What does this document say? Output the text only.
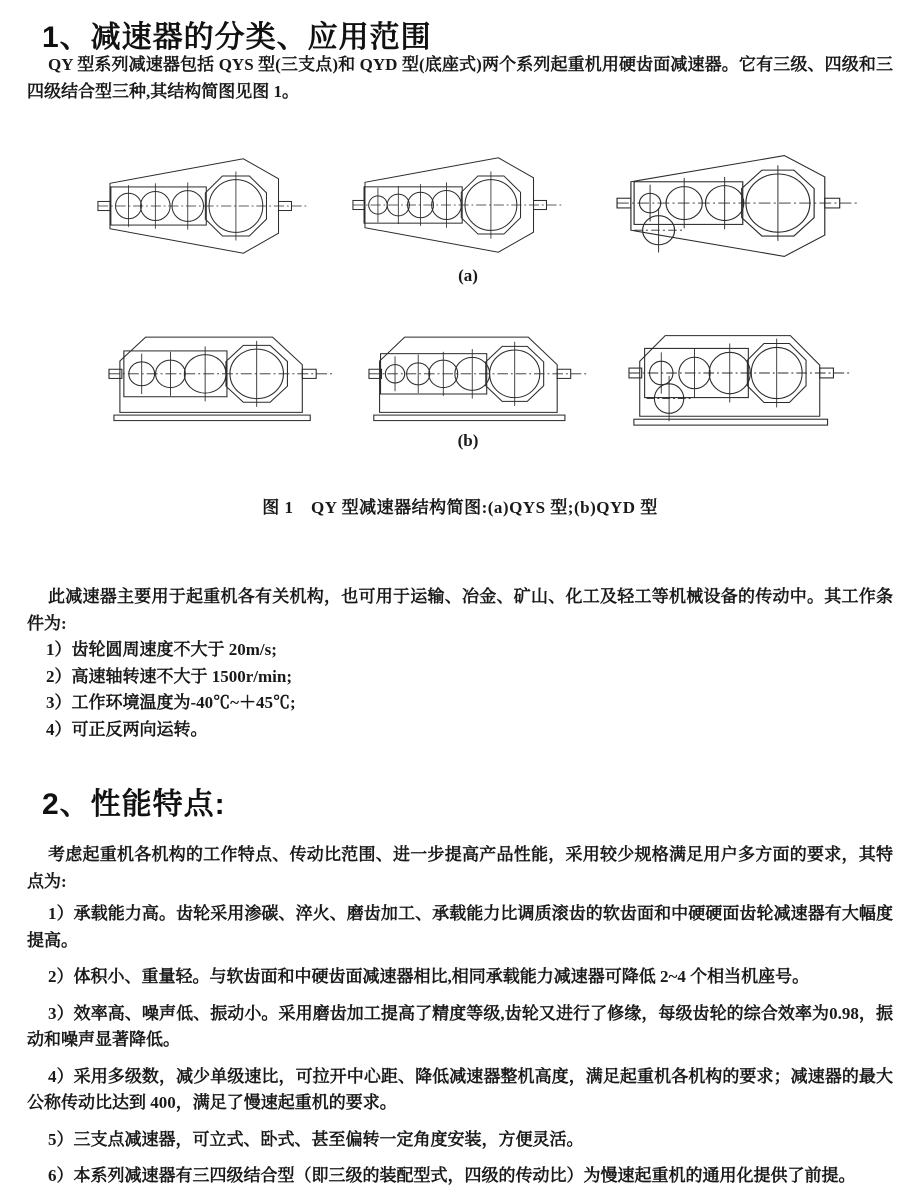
1、减速器的分类、应用范围
QY 型系列减速器包括 QYS 型(三支点)和 QYD 型(底座式)两个系列起重机用硬齿面减速器。它有三级、四级和三四级结合型三种,其结构简图见图 1。
(a)
(b)
图 1　QY 型减速器结构简图:(a)QYS 型;(b)QYD 型
此减速器主要用于起重机各有关机构，也可用于运输、冶金、矿山、化工及轻工等机械设备的传动中。其工作条件为:

1）齿轮圆周速度不大于 20m/s;

2）高速轴转速不大于 1500r/min;

3）工作环境温度为-40℃~＋45℃;

4）可正反两向运转。

2、性能特点:
考虑起重机各机构的工作特点、传动比范围、进一步提高产品性能，采用较少规格满足用户多方面的要求，其特点为:

1）承载能力高。齿轮采用渗碳、淬火、磨齿加工、承载能力比调质滚齿的软齿面和中硬硬面齿轮减速器有大幅度提高。

2）体积小、重量轻。与软齿面和中硬齿面减速器相比,相同承载能力减速器可降低 2~4 个相当机座号。

3）效率高、噪声低、振动小。采用磨齿加工提高了精度等级,齿轮又进行了修缘，每级齿轮的综合效率为0.98，振动和噪声显著降低。

4）采用多级数，减少单级速比，可拉开中心距、降低减速器整机高度，满足起重机各机构的要求；减速器的最大公称传动比达到 400，满足了慢速起重机的要求。

5）三支点减速器，可立式、卧式、甚至偏转一定角度安装，方便灵活。

6）本系列减速器有三四级结合型（即三级的装配型式，四级的传动比）为慢速起重机的通用化提供了前提。
